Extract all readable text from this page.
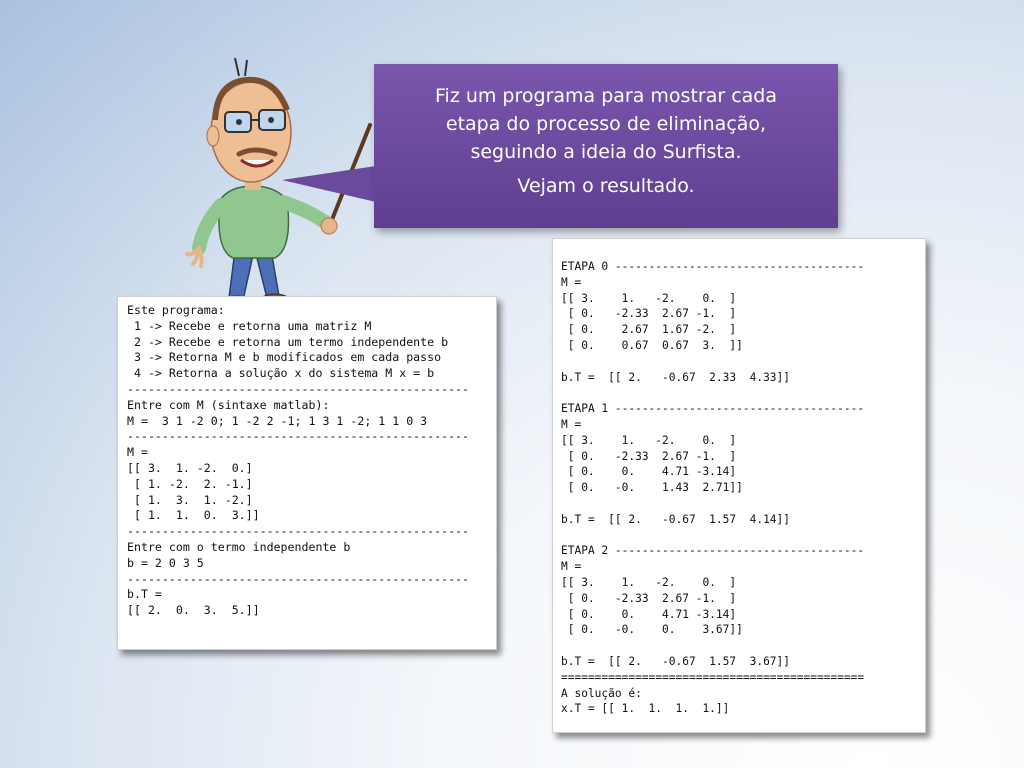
Fiz um programa para mostrar cada
etapa do processo de eliminação,
seguindo a ideia do Surfista.
Vejam o resultado.
Este programa:
1 -> Recebe e retorna uma matriz M
2 -> Recebe e retorna um termo independente b
3 -> Retorna M e b modificados em cada passo
4 -> Retorna a solução x do sistema M x = b
-------------------------------------------------
Entre com M (sintaxe matlab):
M =  3 1 -2 0; 1 -2 2 -1; 1 3 1 -2; 1 1 0 3
-------------------------------------------------
M =
[[ 3.  1. -2.  0.]
[ 1. -2.  2. -1.]
[ 1.  3.  1. -2.]
[ 1.  1.  0.  3.]]
-------------------------------------------------
Entre com o termo independente b
b = 2 0 3 5
-------------------------------------------------
b.T =
[[ 2.  0.  3.  5.]]
ETAPA 0 -------------------------------------
M =
[[ 3.    1.   -2.    0.  ]
[ 0.   -2.33  2.67 -1.  ]
[ 0.    2.67  1.67 -2.  ]
[ 0.    0.67  0.67  3.  ]]

b.T =  [[ 2.   -0.67  2.33  4.33]]

ETAPA 1 -------------------------------------
M =
[[ 3.    1.   -2.    0.  ]
[ 0.   -2.33  2.67 -1.  ]
[ 0.    0.    4.71 -3.14]
[ 0.   -0.    1.43  2.71]]

b.T =  [[ 2.   -0.67  1.57  4.14]]

ETAPA 2 -------------------------------------
M =
[[ 3.    1.   -2.    0.  ]
[ 0.   -2.33  2.67 -1.  ]
[ 0.    0.    4.71 -3.14]
[ 0.   -0.    0.    3.67]]

b.T =  [[ 2.   -0.67  1.57  3.67]]
=============================================
A solução é:
x.T = [[ 1.  1.  1.  1.]]
